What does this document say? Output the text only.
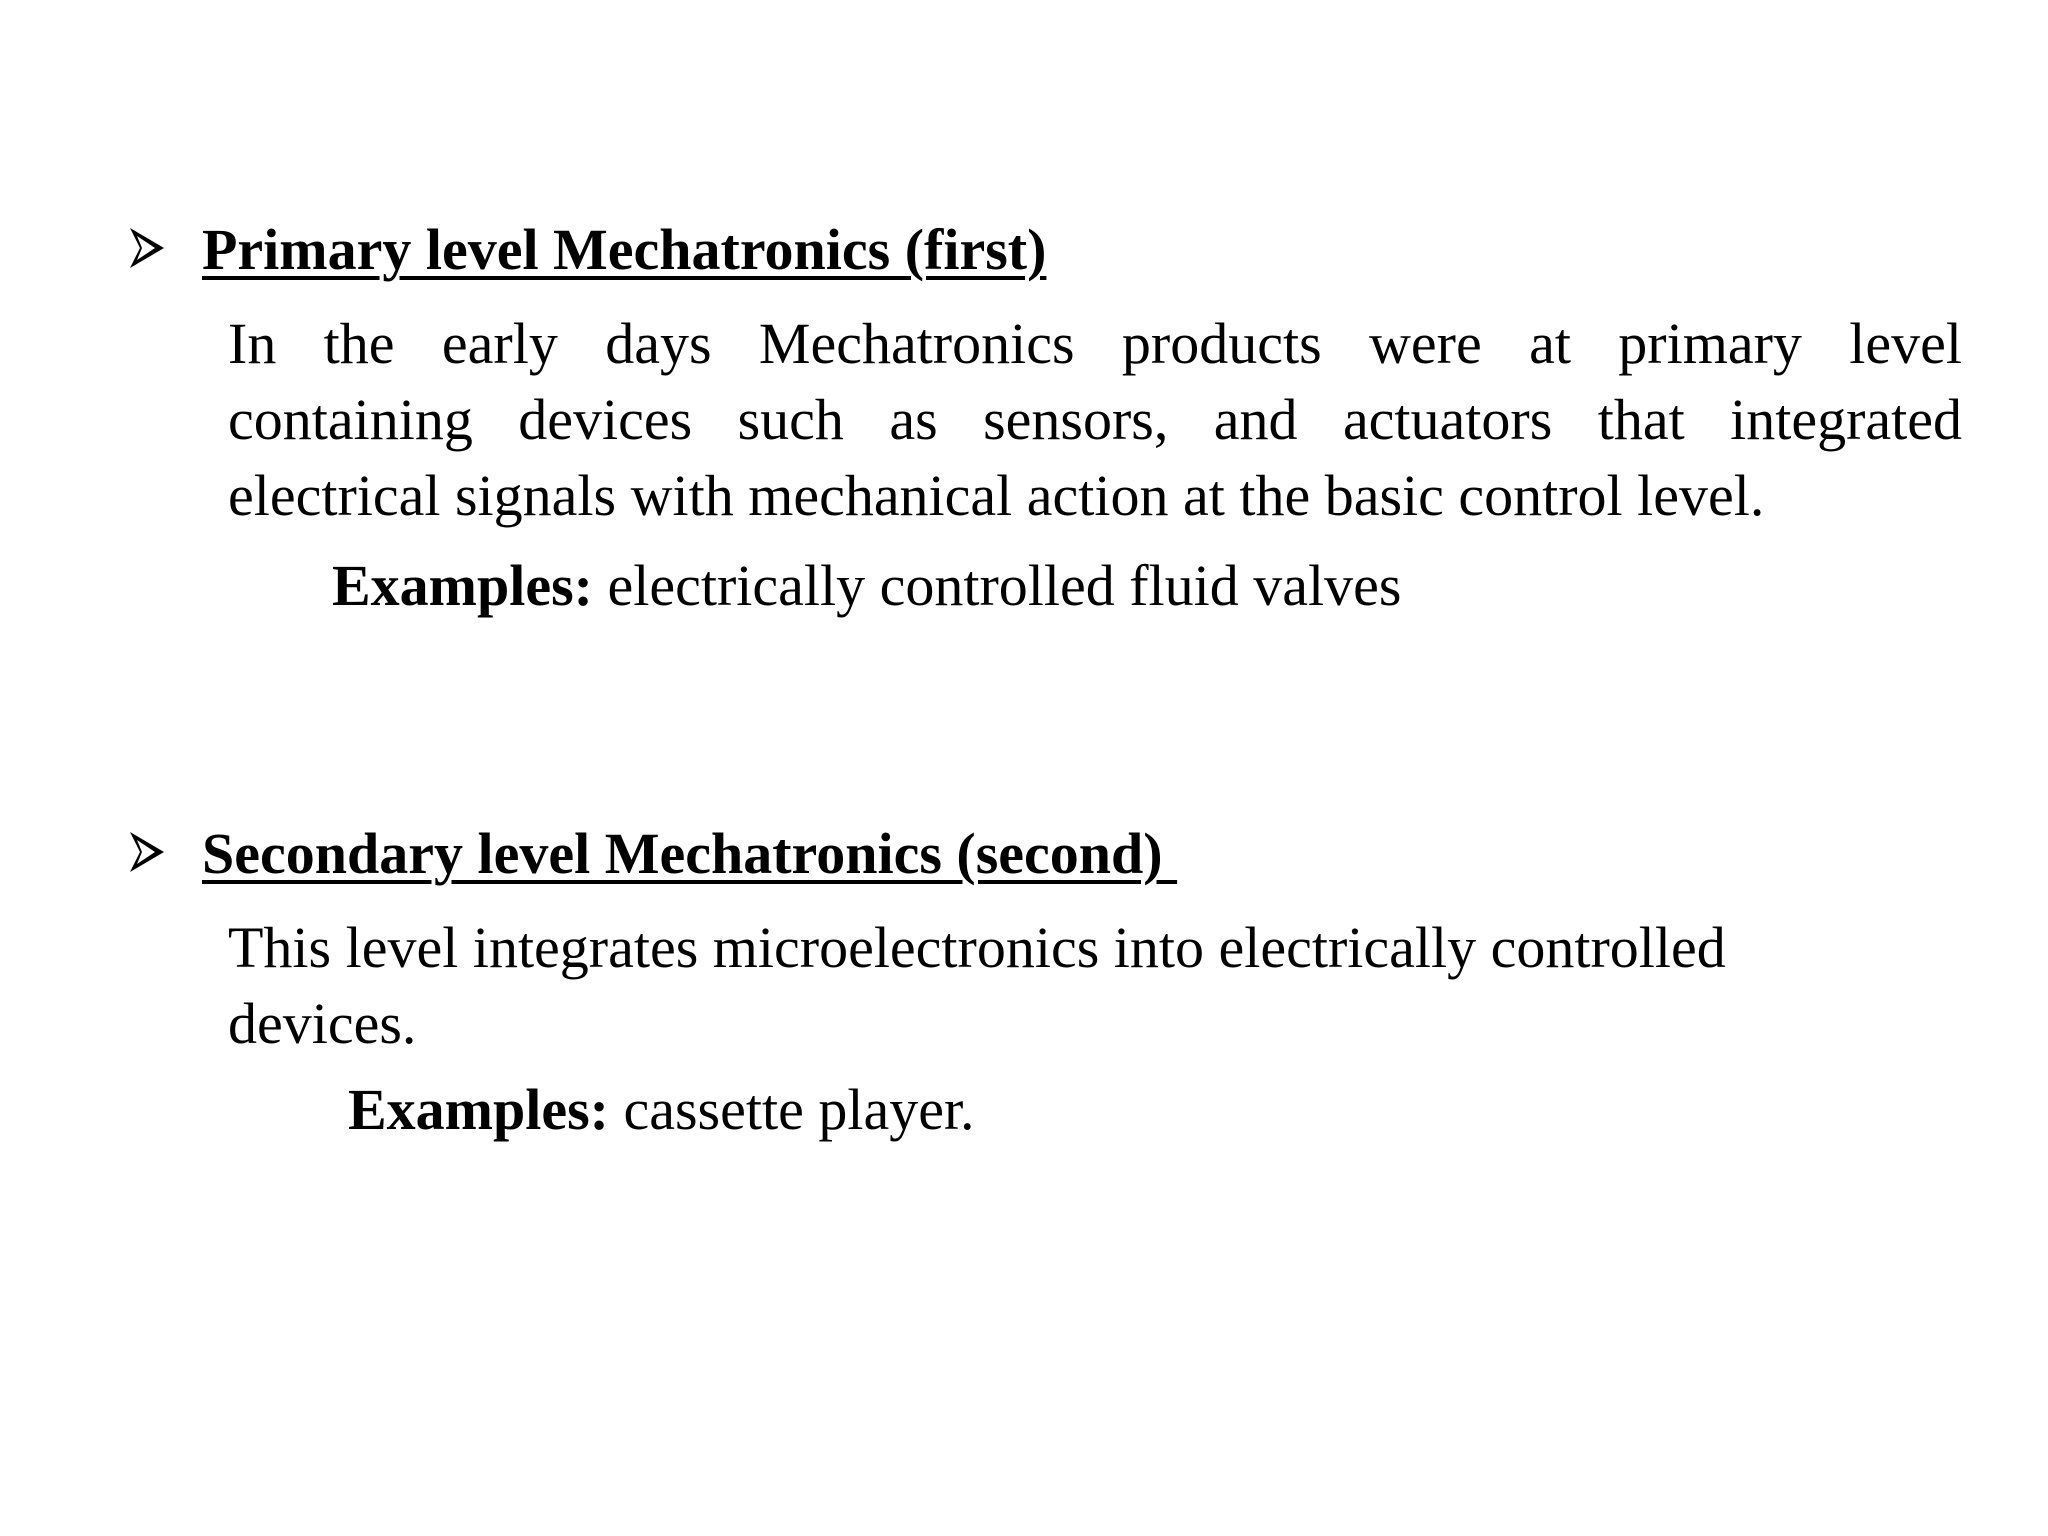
Primary level Mechatronics (first)
In the early days Mechatronics products were at primary level
containing devices such as sensors, and actuators that integrated
electrical signals with mechanical action at the basic control level.
Examples: electrically controlled fluid valves
Secondary level Mechatronics (second)
This level integrates microelectronics into electrically controlled
devices.
Examples: cassette player.
